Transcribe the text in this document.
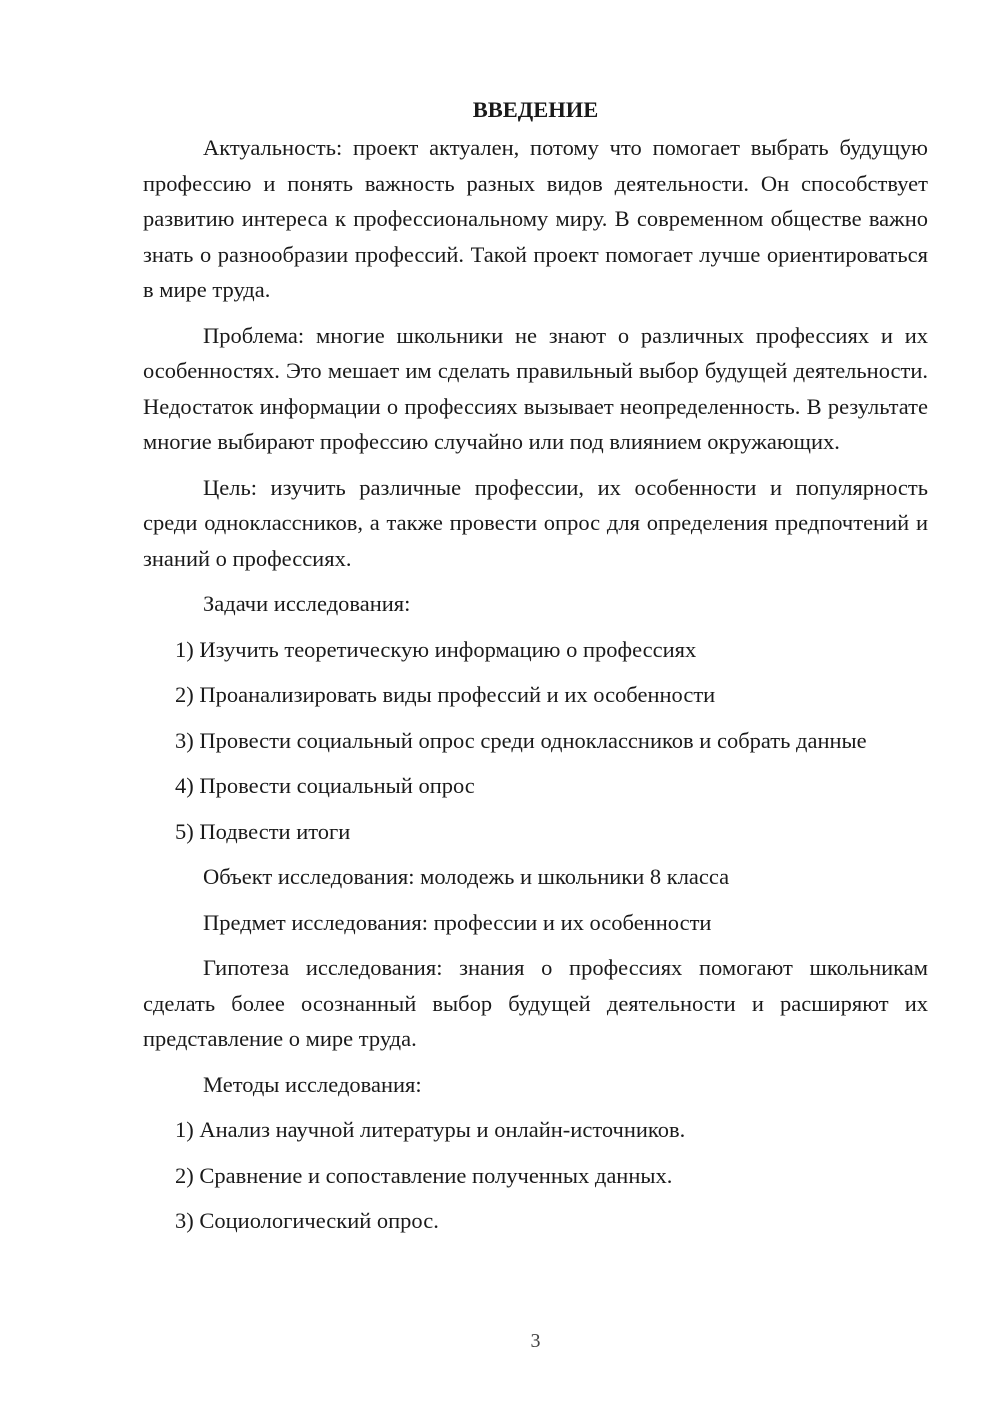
ВВЕДЕНИЕ
Актуальность: проект актуален, потому что помогает выбрать будущую профессию и понять важность разных видов деятельности. Он способствует развитию интереса к профессиональному миру. В современном обществе важно знать о разнообразии профессий. Такой проект помогает лучше ориентироваться в мире труда.
Проблема: многие школьники не знают о различных профессиях и их особенностях. Это мешает им сделать правильный выбор будущей деятельности. Недостаток информации о профессиях вызывает неопределенность. В результате многие выбирают профессию случайно или под влиянием окружающих.
Цель: изучить различные профессии, их особенности и популярность среди одноклассников, а также провести опрос для определения предпочтений и знаний о профессиях.
Задачи исследования:
1) Изучить теоретическую информацию о профессиях
2) Проанализировать виды профессий и их особенности
3) Провести социальный опрос среди одноклассников и собрать данные
4) Провести социальный опрос
5) Подвести итоги
Объект исследования: молодежь и школьники 8 класса
Предмет исследования: профессии и их особенности
Гипотеза исследования: знания о профессиях помогают школьникам сделать более осознанный выбор будущей деятельности и расширяют их представление о мире труда.
Методы исследования:
1) Анализ научной литературы и онлайн-источников.
2) Сравнение и сопоставление полученных данных.
3) Социологический опрос.
3
